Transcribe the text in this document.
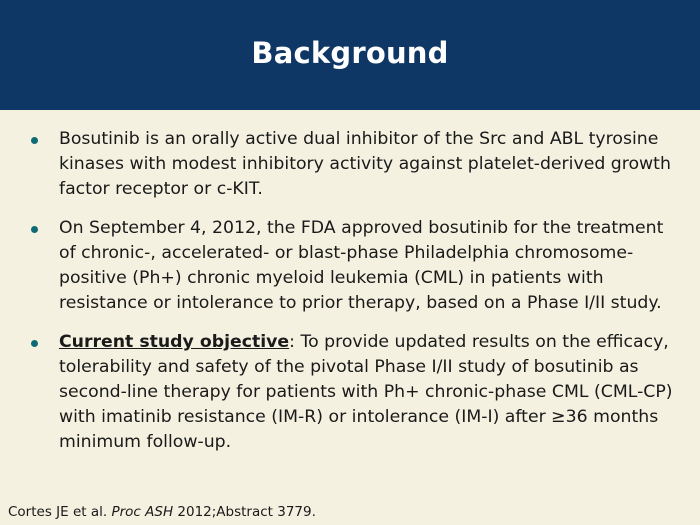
Background
Bosutinib is an orally active dual inhibitor of the Src and ABL tyrosine kinases with modest inhibitory activity against platelet-derived growth factor receptor or c-KIT.
On September 4, 2012, the FDA approved bosutinib for the treatment of chronic-, accelerated- or blast-phase Philadelphia chromosome-positive (Ph+) chronic myeloid leukemia (CML) in patients with resistance or intolerance to prior therapy, based on a Phase I/II study.
Current study objective: To provide updated results on the efficacy, tolerability and safety of the pivotal Phase I/II study of bosutinib as second-line therapy for patients with Ph+ chronic-phase CML (CML-CP) with imatinib resistance (IM-R) or intolerance (IM-I) after ≥36 months minimum follow-up.
Cortes JE et al. Proc ASH 2012;Abstract 3779.
